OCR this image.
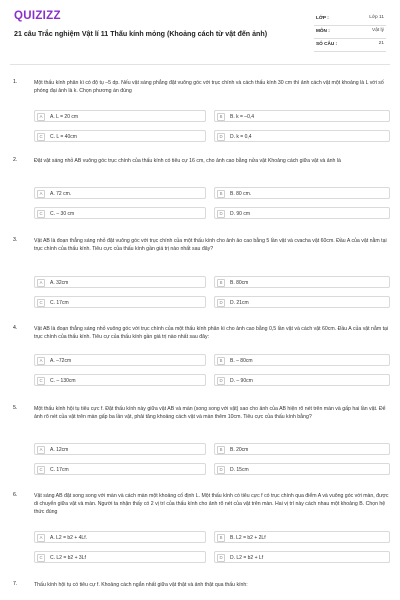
QUIZIZZ
21 câu Trắc nghiệm Vật lí 11 Thấu kính mỏng (Khoảng cách từ vật đến ảnh)
LỚP :	Lớp 11
MÔN :	Vật lý
SỐ CÂU :	21
1.	Một thấu kính phân kì có độ tụ –5 dp. Nếu vật sáng phẳng đặt vuông góc với trục chính và cách thấu kính 30 cm thì ảnh cách vật một khoảng là L với số phóng đại ảnh là k. Chọn phương án đúng
A	A. L = 20 cm	B	B. k = –0,4
C	C. L = 40cm	D	D. k = 0,4
2.	Đặt vật sáng nhỏ AB vuông góc trục chính của thấu kính có tiêu cự 16 cm, cho ảnh cao bằng nửa vật Khoảng cách giữa vật và ảnh là
A	A. 72 cm.	B	B. 80 cm.
C	C. – 30 cm	D	D. 90 cm
3.	Vật AB là đoạn thẳng sáng nhỏ đặt vuông góc với trục chính của một thấu kính cho ảnh ảo cao bằng 5 lần vật và cvacha vật 60cm. Đầu A của vật nằm tại trục chính của thấu kính. Tiêu cực của thấu kính gần giá trị nào nhất sau đây?
A	A. 32cm	B	B. 80cm
C	C. 17cm	D	D. 21cm
4.	Vật AB là đoạn thẳng sáng nhỏ vuông góc với trục chính của một thấu kính phân kì cho ảnh cao bằng 0,5 lần vật và cách vật 60cm. Đầu A của vật nằm tại trục chính của thấu kính. Tiêu cự của thấu kính gần giá trị nào nhất sau đây:
A	A. –72cm	B	B. – 80cm
C	C. – 130cm	D	D. – 90cm
5.	Một thấu kính hội tụ tiêu cực f. Đặt thấu kính này giữa vật AB và màn (song song với vật) sao cho ảnh của AB hiện rõ nét trên màn và gấp hai lần vật. Để ảnh rõ nét của vật trên màn gấp ba lần vật, phải tăng khoảng cách vật và màn thêm 10cm. Tiêu cực của thấu kính bằng?
A	A. 12cm	B	B. 20cm
C	C. 17cm	D	D. 15cm
6.	Vật sáng AB đặt song song với màn và cách màn một khoảng cố định L. Một thấu kính có tiêu cực f có trục chính qua điểm A và vuông góc với màn, được di chuyển giữa vật và màn. Người ta nhận thấy có 2 vị trí của thấu kính cho ảnh rõ nét của vật trên màn. Hai vị trí này cách nhau một khoảng B. Chọn hệ thức đúng
A	A. L2 = b2 + 4Lf.	B	B. L2 = b2 + 2Lf
C	C. L2 = b2 + 3Lf	D	D. L2 = b2 + Lf
7.	Thấu kính hội tụ có tiêu cự f. Khoảng cách ngắn nhất giữa vật thật và ảnh thật qua thấu kính:
